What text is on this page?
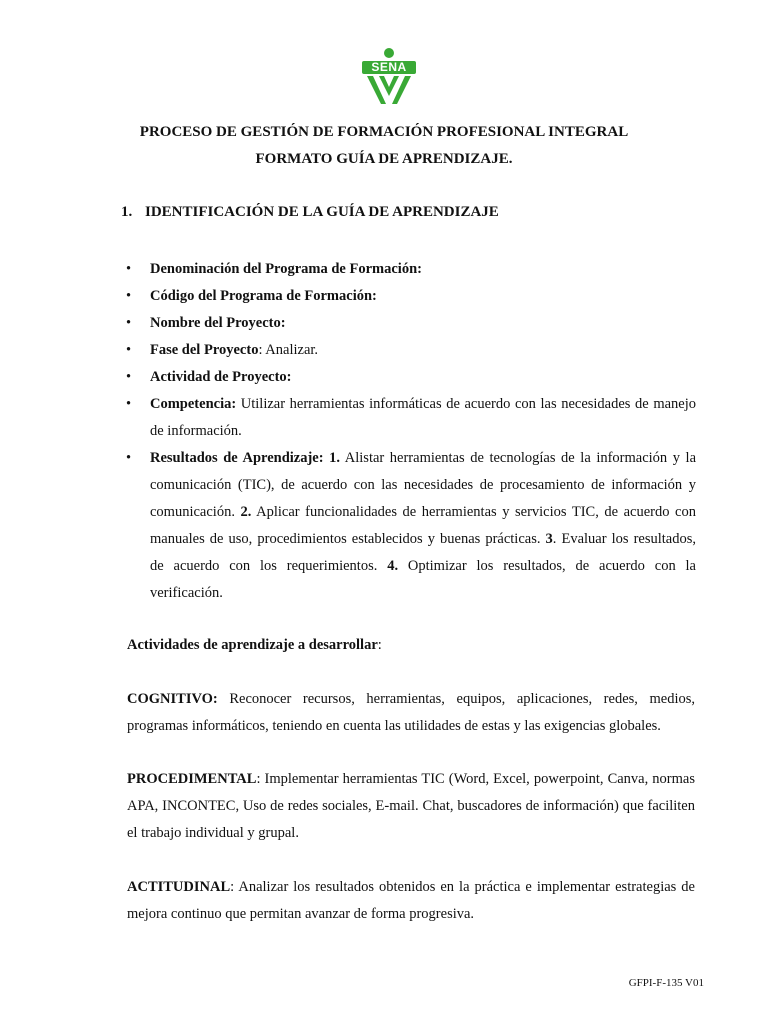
SENA
PROCESO DE GESTIÓN DE FORMACIÓN PROFESIONAL INTEGRAL
FORMATO GUÍA DE APRENDIZAJE.
1. IDENTIFICACIÓN DE LA GUÍA DE APRENDIZAJE
• Denominación del Programa de Formación:
• Código del Programa de Formación:
• Nombre del Proyecto:
• Fase del Proyecto: Analizar.
• Actividad de Proyecto:
• Competencia: Utilizar herramientas informáticas de acuerdo con las necesidades de manejo de información.
• Resultados de Aprendizaje: 1. Alistar herramientas de tecnologías de la información y la comunicación (TIC), de acuerdo con las necesidades de procesamiento de información y comunicación. 2. Aplicar funcionalidades de herramientas y servicios TIC, de acuerdo con manuales de uso, procedimientos establecidos y buenas prácticas. 3. Evaluar los resultados, de acuerdo con los requerimientos. 4. Optimizar los resultados, de acuerdo con la verificación.
Actividades de aprendizaje a desarrollar:
COGNITIVO: Reconocer recursos, herramientas, equipos, aplicaciones, redes, medios, programas informáticos, teniendo en cuenta las utilidades de estas y las exigencias globales.
PROCEDIMENTAL: Implementar herramientas TIC (Word, Excel, powerpoint, Canva, normas APA, INCONTEC, Uso de redes sociales, E-mail. Chat, buscadores de información) que faciliten el trabajo individual y grupal.
ACTITUDINAL: Analizar los resultados obtenidos en la práctica e implementar estrategias de mejora continuo que permitan avanzar de forma progresiva.
GFPI-F-135 V01
